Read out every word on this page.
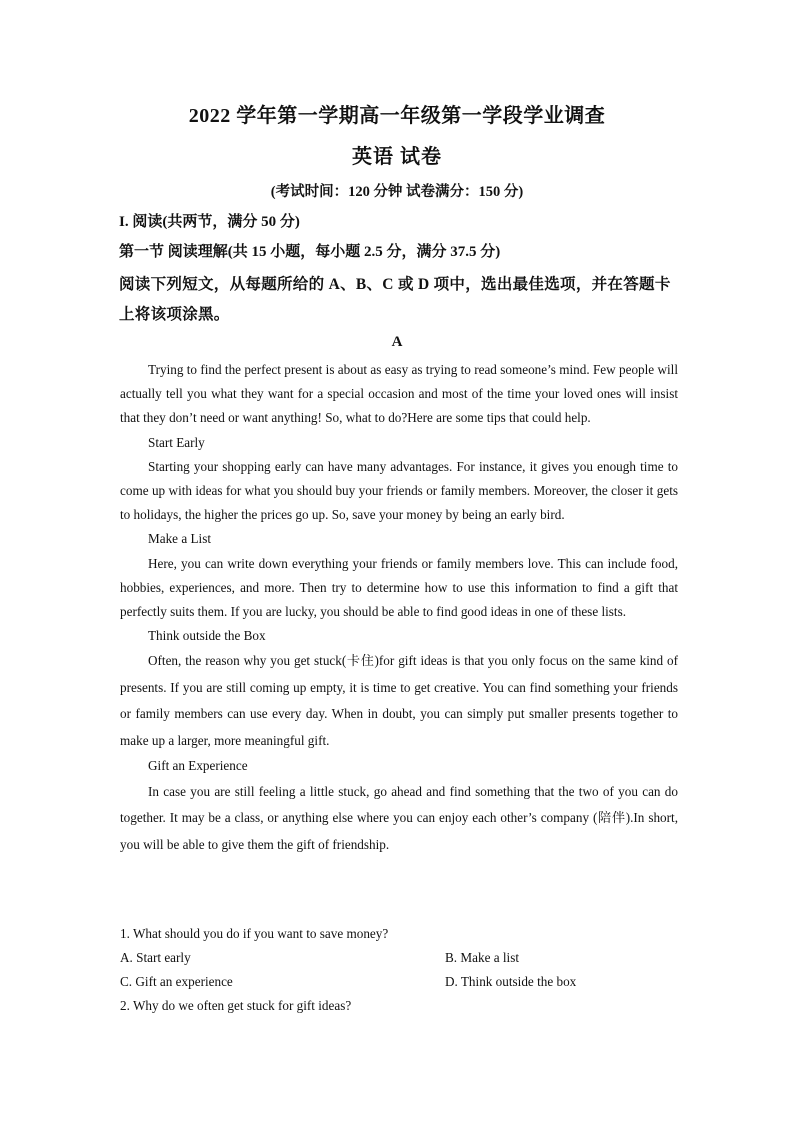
2022 学年第一学期高一年级第一学段学业调查
英语 试卷
(考试时间：120 分钟 试卷满分：150 分)
I. 阅读(共两节，满分 50 分)
第一节 阅读理解(共 15 小题，每小题 2.5 分，满分 37.5 分)
阅读下列短文，从每题所给的 A、B、C 或 D 项中，选出最佳选项，并在答题卡上将该项涂黑。
A

Trying to find the perfect present is about as easy as trying to read someone’s mind. Few people will actually tell you what they want for a special occasion and most of the time your loved ones will insist that they don’t need or want anything! So, what to do?Here are some tips that could help.

Start Early

Starting your shopping early can have many advantages. For instance, it gives you enough time to come up with ideas for what you should buy your friends or family members. Moreover, the closer it gets to holidays, the higher the prices go up. So, save your money by being an early bird.

Make a List

Here, you can write down everything your friends or family members love. This can include food, hobbies, experiences, and more. Then try to determine how to use this information to find a gift that perfectly suits them. If you are lucky, you should be able to find good ideas in one of these lists.

Think outside the Box

Often, the reason why you get stuck(卡住)for gift ideas is that you only focus on the same kind of presents. If you are still coming up empty, it is time to get creative. You can find something your friends or family members can use every day. When in doubt, you can simply put smaller presents together to make up a larger, more meaningful gift.

Gift an Experience

In case you are still feeling a little stuck, go ahead and find something that the two of you can do together. It may be a class, or anything else where you can enjoy each other’s company (陪伴).In short, you will be able to give them the gift of friendship.

1. What should you do if you want to save money?

A. Start early	B. Make a list
C. Gift an experience	D. Think outside the box

2. Why do we often get stuck for gift ideas?
